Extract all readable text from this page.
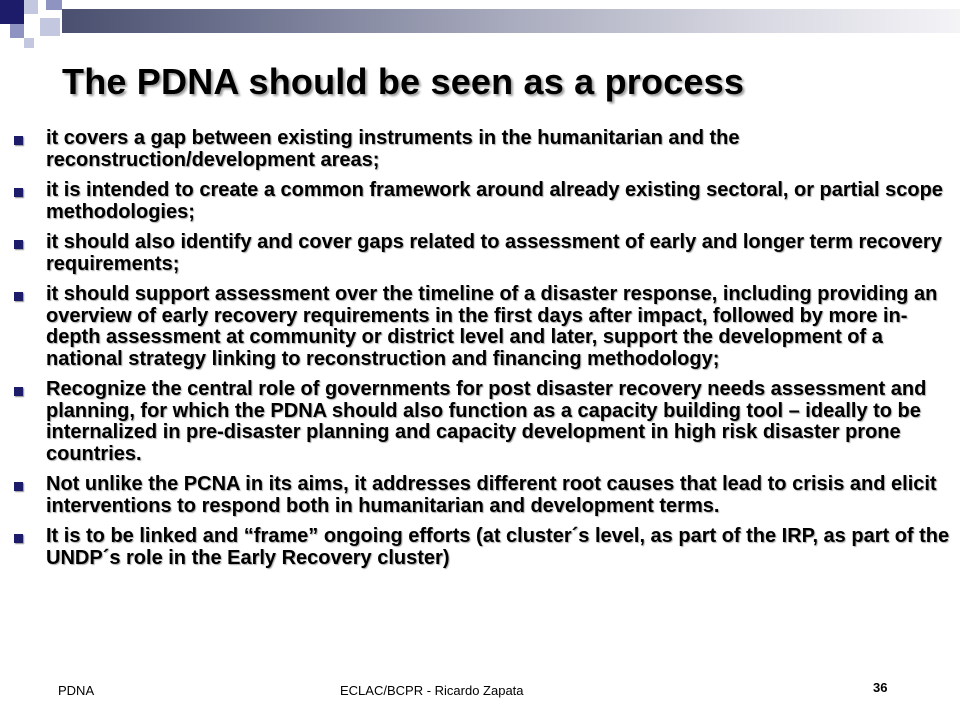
The PDNA should be seen as a process
it covers a gap between existing instruments in the humanitarian and the reconstruction/development areas;
it is intended to create a common framework around already existing sectoral, or partial scope methodologies;
it should also identify and cover gaps related to assessment of early and longer term recovery requirements;
it should support assessment over the timeline of a disaster response, including providing an overview of early recovery requirements in the first days after impact, followed by more in-depth assessment at community or district level and later, support the development of a national strategy linking to reconstruction and financing methodology;
Recognize the central role of governments for post disaster recovery needs assessment and planning, for which the PDNA should also function as a capacity building tool – ideally to be internalized in pre-disaster planning and capacity development in high risk disaster prone countries.
Not unlike the PCNA in its aims, it addresses different root causes that lead to crisis and elicit interventions to respond both in humanitarian and development terms.
It is to be linked and “frame” ongoing efforts (at cluster´s level, as part of the IRP, as part of the UNDP´s role in the Early Recovery cluster)
PDNA	ECLAC/BCPR - Ricardo Zapata	36
